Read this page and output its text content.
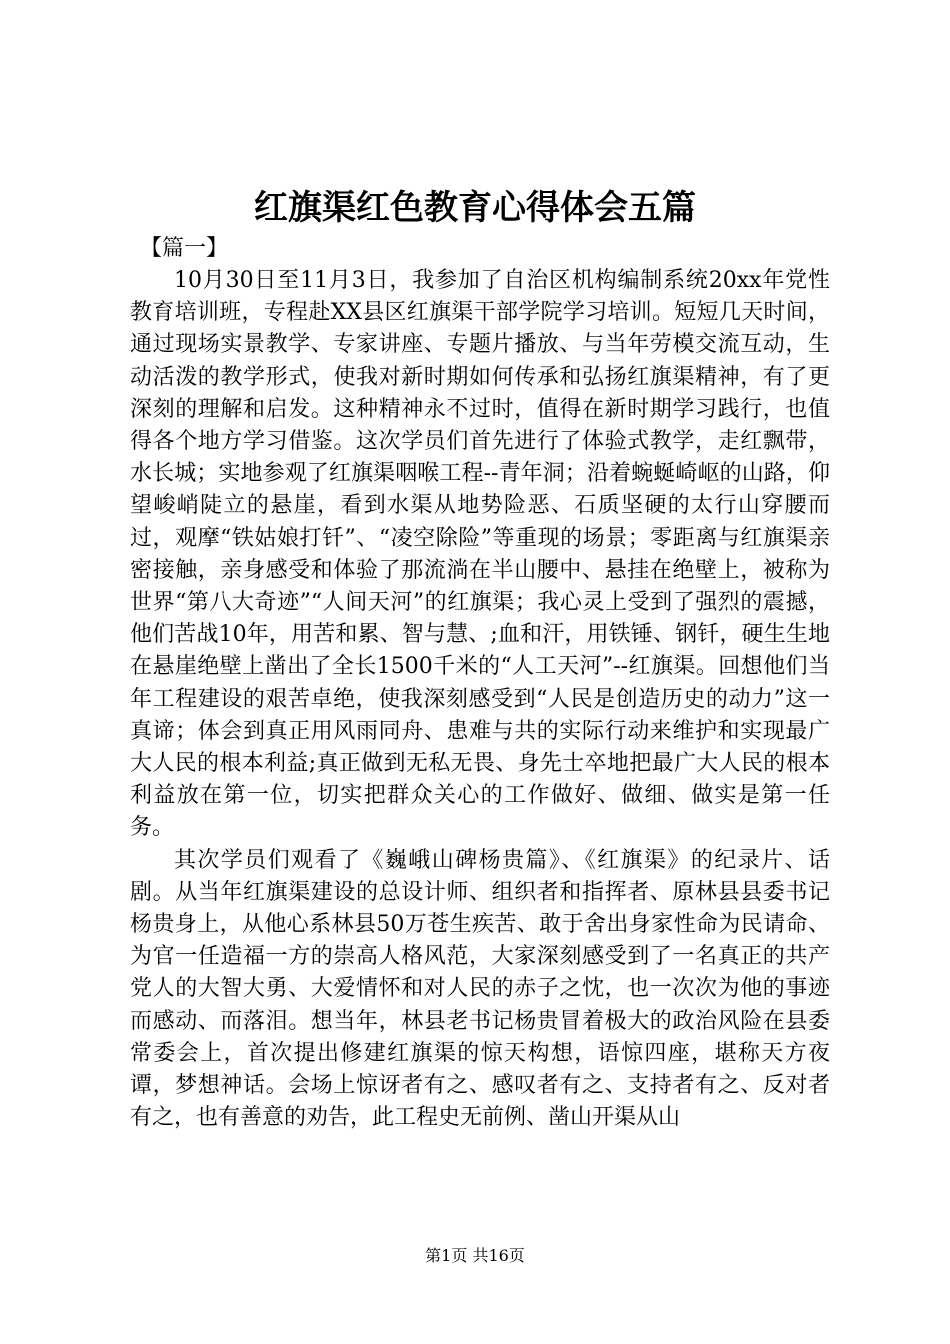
红旗渠红色教育心得体会五篇
【篇一】

10月30日至11月3日，我参加了自治区机构编制系统20xx年党性教育培训班，专程赴XX县区红旗渠干部学院学习培训。短短几天时间，通过现场实景教学、专家讲座、专题片播放、与当年劳模交流互动，生动活泼的教学形式，使我对新时期如何传承和弘扬红旗渠精神，有了更深刻的理解和启发。这种精神永不过时，值得在新时期学习践行，也值得各个地方学习借鉴。这次学员们首先进行了体验式教学，走红飘带，水长城；实地参观了红旗渠咽喉工程--青年洞；沿着蜿蜒崎岖的山路，仰望峻峭陡立的悬崖，看到水渠从地势险恶、石质坚硬的太行山穿腰而过，观摩“铁姑娘打钎”、“凌空除险”等重现的场景；零距离与红旗渠亲密接触，亲身感受和体验了那流淌在半山腰中、悬挂在绝壁上，被称为世界“第八大奇迹”“人间天河”的红旗渠；我心灵上受到了强烈的震撼，他们苦战10年，用苦和累、智与慧、;血和汗，用铁锤、钢钎，硬生生地在悬崖绝壁上凿出了全长1500千米的“人工天河”--红旗渠。回想他们当年工程建设的艰苦卓绝，使我深刻感受到“人民是创造历史的动力”这一真谛；体会到真正用风雨同舟、患难与共的实际行动来维护和实现最广大人民的根本利益;真正做到无私无畏、身先士卒地把最广大人民的根本利益放在第一位，切实把群众关心的工作做好、做细、做实是第一任务。

其次学员们观看了《巍峨山碑杨贵篇》、《红旗渠》的纪录片、话剧。从当年红旗渠建设的总设计师、组织者和指挥者、原林县县委书记杨贵身上，从他心系林县50万苍生疾苦、敢于舍出身家性命为民请命、为官一任造福一方的崇高人格风范，大家深刻感受到了一名真正的共产党人的大智大勇、大爱情怀和对人民的赤子之忱，也一次次为他的事迹而感动、而落泪。想当年，林县老书记杨贵冒着极大的政治风险在县委常委会上，首次提出修建红旗渠的惊天构想，语惊四座，堪称天方夜谭，梦想神话。会场上惊讶者有之、感叹者有之、支持者有之、反对者有之，也有善意的劝告，此工程史无前例、凿山开渠从山

第1页 共16页
